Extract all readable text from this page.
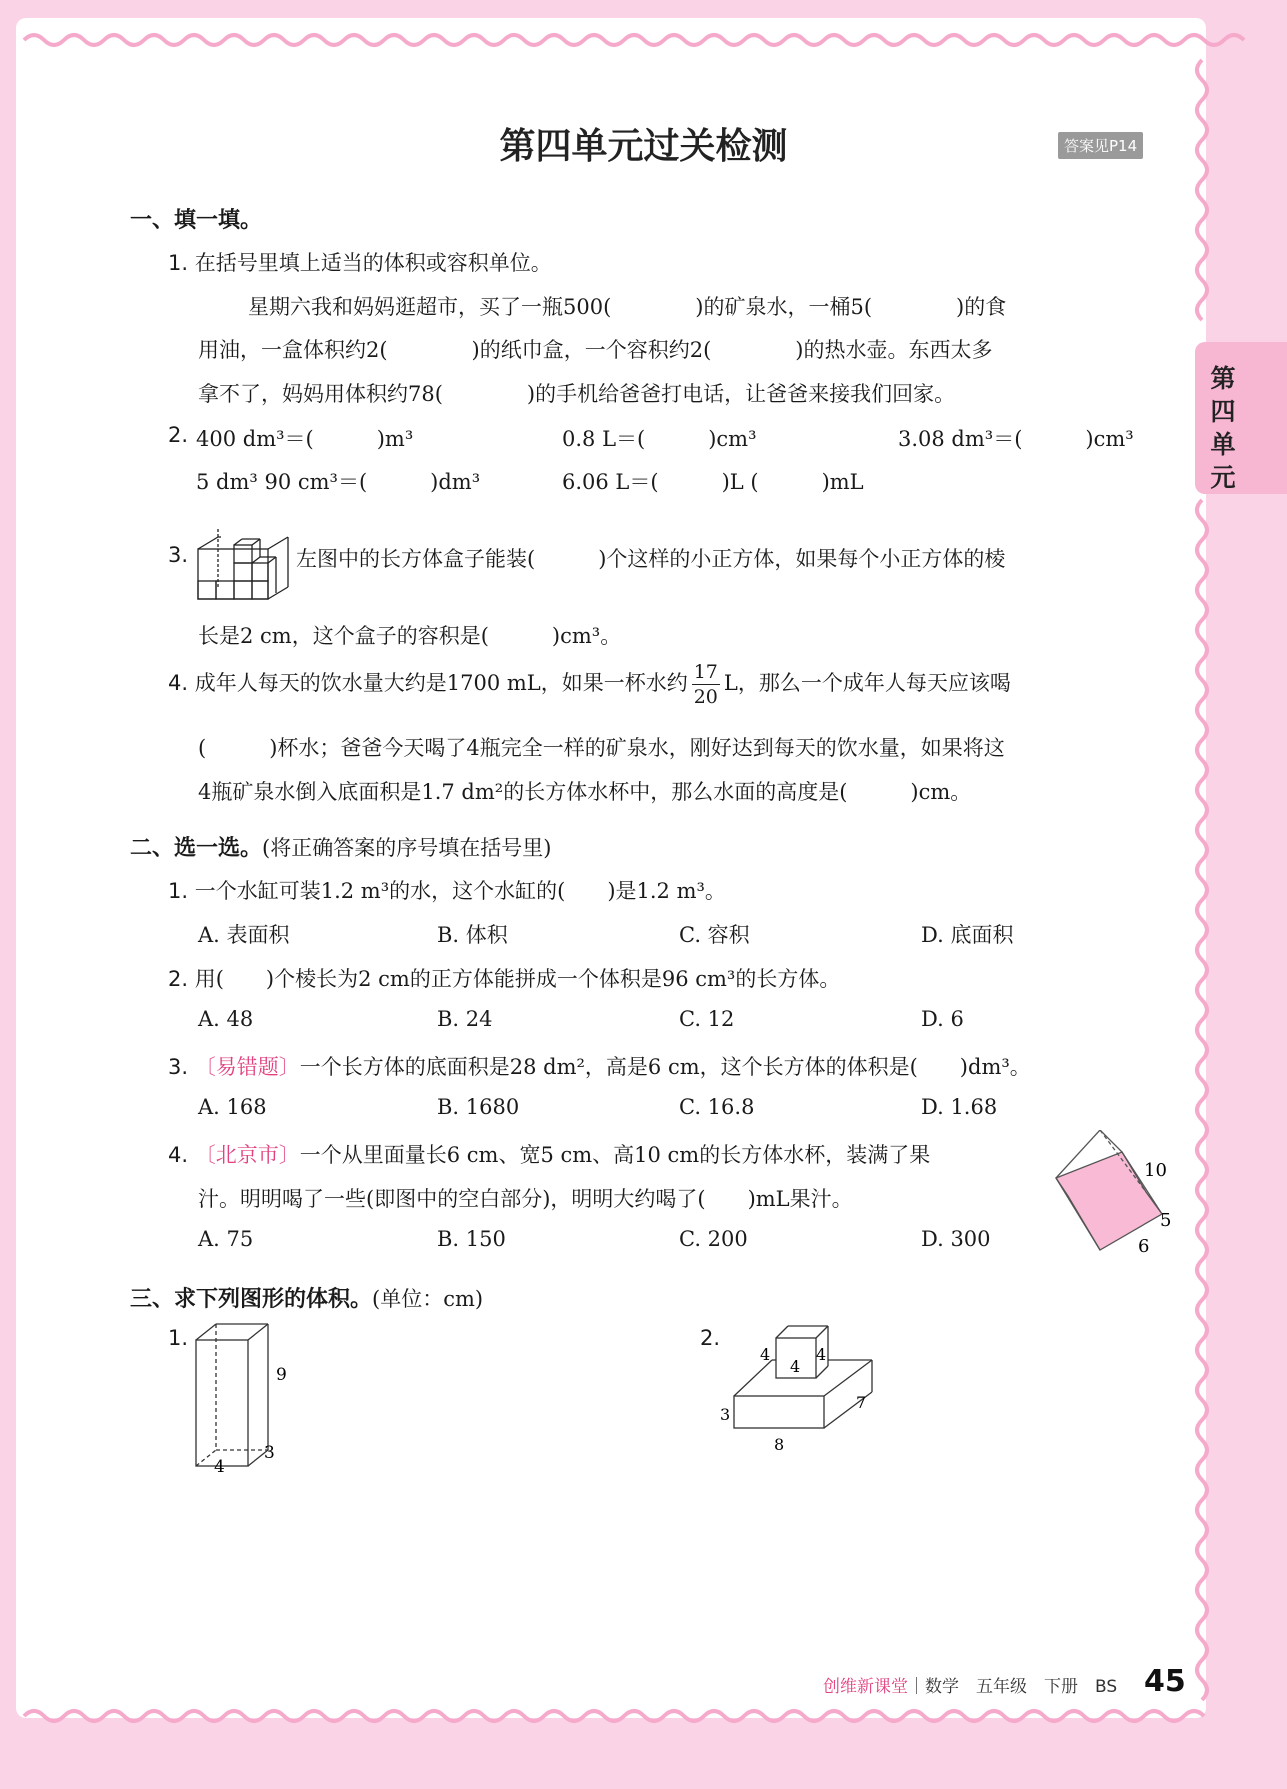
第四单元过关检测	答案见P14
第四单元
一、填一填。
1. 在括号里填上适当的体积或容积单位。
星期六我和妈妈逛超市，买了一瓶500(　　　　)的矿泉水，一桶5(　　　　)的食
用油，一盒体积约2(　　　　)的纸巾盒，一个容积约2(　　　　)的热水壶。东西太多
拿不了，妈妈用体积约78(　　　　)的手机给爸爸打电话，让爸爸来接我们回家。
2. 400 dm³＝(　　　)m³	0.8 L＝(　　　)cm³	3.08 dm³＝(　　　)cm³
5 dm³ 90 cm³＝(　　　)dm³	6.06 L＝(　　　)L (　　　)mL
3.	左图中的长方体盒子能装(　　　)个这样的小正方体，如果每个小正方体的棱
长是2 cm，这个盒子的容积是(　　　)cm³。
4. 成年人每天的饮水量大约是1700 mL，如果一杯水约 $\frac{17}{20}$ L，那么一个成年人每天应该喝
(　　　)杯水；爸爸今天喝了4瓶完全一样的矿泉水，刚好达到每天的饮水量，如果将这
4瓶矿泉水倒入底面积是1.7 dm²的长方体水杯中，那么水面的高度是(　　　)cm。
二、选一选。(将正确答案的序号填在括号里)
1. 一个水缸可装1.2 m³的水，这个水缸的(　　)是1.2 m³。
A. 表面积	B. 体积	C. 容积	D. 底面积
2. 用(　　)个棱长为2 cm的正方体能拼成一个体积是96 cm³的长方体。
A. 48	B. 24	C. 12	D. 6
3. 〔易错题〕一个长方体的底面积是28 dm²，高是6 cm，这个长方体的体积是(　　)dm³。
A. 168	B. 1680	C. 16.8	D. 1.68
4. 〔北京市〕一个从里面量长6 cm、宽5 cm、高10 cm的长方体水杯，装满了果
汁。明明喝了一些(即图中的空白部分)，明明大约喝了(　　)mL果汁。
A. 75	B. 150	C. 200	D. 300
10
5
6
三、求下列图形的体积。(单位：cm)
1.
9
4
3
2.
4
4
4
3
7
8
创维新课堂｜数学　五年级　下册　BS 45
